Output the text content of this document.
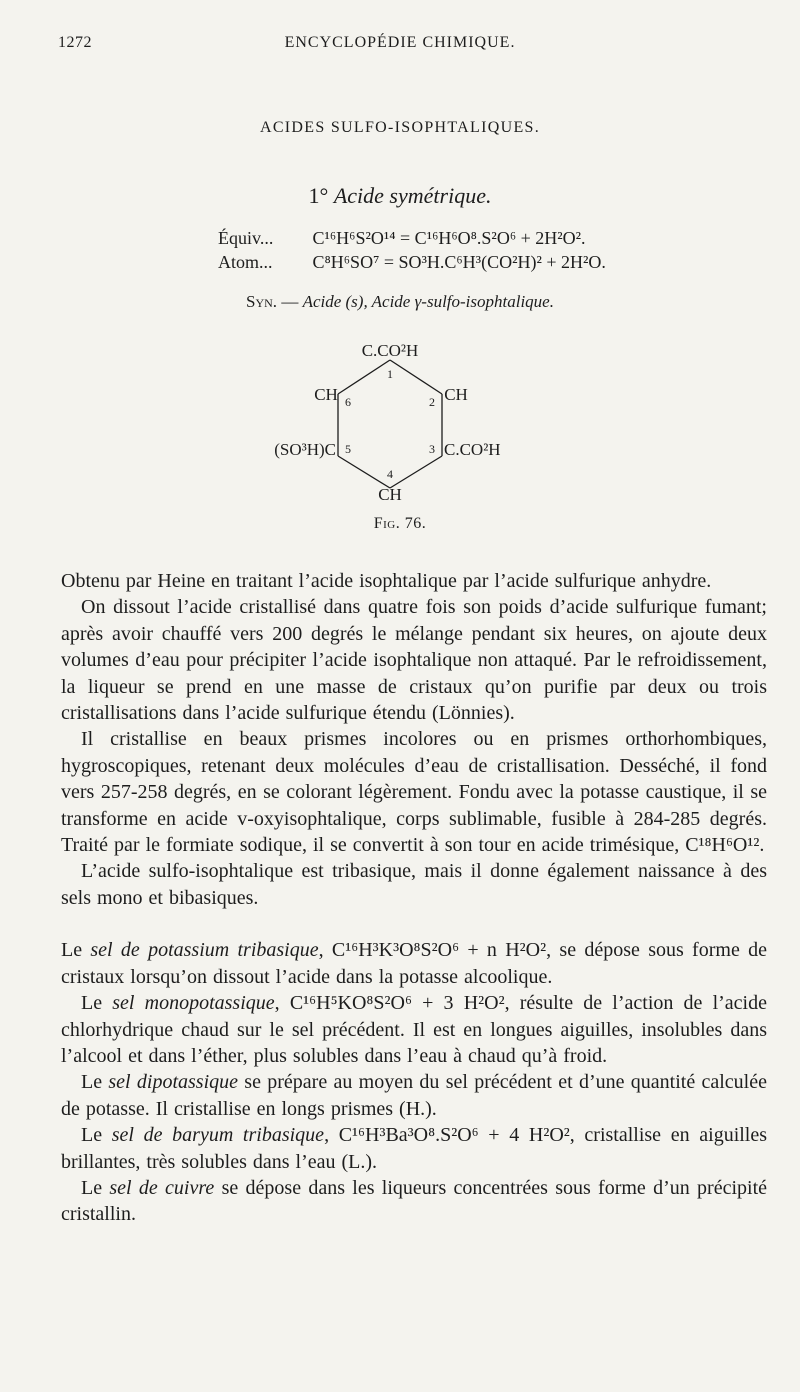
1272	ENCYCLOPÉDIE CHIMIQUE.
ACIDES SULFO-ISOPHTALIQUES.
1° Acide symétrique.
Équiv... C¹⁶H⁶S²O¹⁴ = C¹⁶H⁶O⁸.S²O⁶ + 2H²O².
Atom... C⁸H⁶SO⁷ = SO³H.C⁶H³(CO²H)² + 2H²O.
Syn. — Acide (s), Acide γ-sulfo-isophtalique.
C.CO²H
CH	CH
(SO³H)C	C.CO²H
CH
1
2
3
4
5
6
Fig. 76.

Obtenu par Heine en traitant l’acide isophtalique par l’acide sulfurique anhydre.

On dissout l’acide cristallisé dans quatre fois son poids d’acide sulfurique fumant; après avoir chauffé vers 200 degrés le mélange pendant six heures, on ajoute deux volumes d’eau pour précipiter l’acide isophtalique non attaqué. Par le refroidissement, la liqueur se prend en une masse de cristaux qu’on purifie par deux ou trois cristallisations dans l’acide sulfurique étendu (Lönnies).

Il cristallise en beaux prismes incolores ou en prismes orthorhombiques, hygroscopiques, retenant deux molécules d’eau de cristallisation. Desséché, il fond vers 257-258 degrés, en se colorant légèrement. Fondu avec la potasse caustique, il se transforme en acide v-oxyisophtalique, corps sublimable, fusible à 284-285 degrés. Traité par le formiate sodique, il se convertit à son tour en acide trimésique, C¹⁸H⁶O¹².

L’acide sulfo-isophtalique est tribasique, mais il donne également naissance à des sels mono et bibasiques.

Le sel de potassium tribasique, C¹⁶H³K³O⁸S²O⁶ + n H²O², se dépose sous forme de cristaux lorsqu’on dissout l’acide dans la potasse alcoolique.

Le sel monopotassique, C¹⁶H⁵KO⁸S²O⁶ + 3 H²O², résulte de l’action de l’acide chlorhydrique chaud sur le sel précédent. Il est en longues aiguilles, insolubles dans l’alcool et dans l’éther, plus solubles dans l’eau à chaud qu’à froid.

Le sel dipotassique se prépare au moyen du sel précédent et d’une quantité calculée de potasse. Il cristallise en longs prismes (H.).

Le sel de baryum tribasique, C¹⁶H³Ba³O⁸.S²O⁶ + 4 H²O², cristallise en aiguilles brillantes, très solubles dans l’eau (L.).

Le sel de cuivre se dépose dans les liqueurs concentrées sous forme d’un précipité cristallin.
